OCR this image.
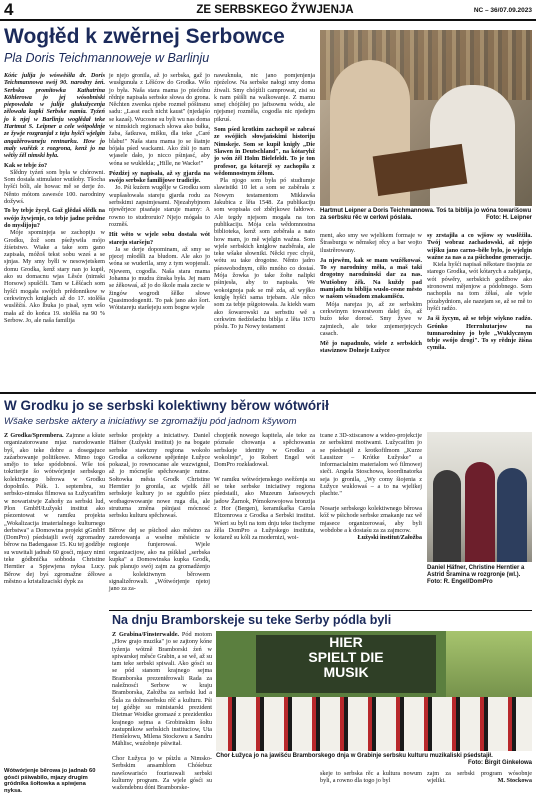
4	ZE SERBSKEGO ŽYWJENJA	NC – 36/07.09.2023
Wogłěd k zwěrnej Serbowce
Pla Doris Teichmannoweje w Barlinju

Kóńc julija jo wóswěśiła dr. Doris Teichmannowa swój 90. narodny źeń. Serbska promitowka Kathatrina Köhlerowa jo jej wósobniski piepowdała w julije glukužycenja zělowała kupki Serbske namia. Tyźeń jo k njej w Barlinju wogłědał teke Hartmut S. Leipner a cele wótpołdnje ze žywje rozgranjał z teju hyšći wjelgin angažěrowaneju rentnarku. How jo maly wuřězk z rozgrona, kenž jo na wětšy źěl nimski była.

Kak se tebje źo?

Slědny tyźeń som była w chórowni. Som dostała stimulator wutšoby. Tšocha hyšći bóli, ale howac mě se derje źo. Něnto mótom zawesće 100. narodniny dožywś.

To by tebje žycył. Gaž glědaš slědk na swójo žywjenje, co tebje jadne prědne do myslijoju?

Móje spominjeja se zachopiju w Grodku, žož som pśežywiła mójo źiśetstwo. Wiake a take som gano zapisała, móžoš tekst sobu wześ a se sjnjas. My smy byłli w nesowjetskem domu Grodka, kenž stary nan jo kupił, ako su domacnu wjas Lěsće (nimski Horsow) spušćili. Tam w Lěšćach som hyšći mogała swójich prědonnikow w cerkwinych knigłach až do 17. stolěša wuslěźiś. Ako lbuka jo pisał, sym wšo mała až do końca 19. stolěša na 90 % Serbow. Jo, ale naša familija

je njejo gronila, až jo serbska, gaž jo wusłgunuła z Lěšćow do Grodka. Wšo jo była. Naša stara mama jo piećelnu rědnje napisała serbske słowa do grona. Něchten zwenka njebe rozmeł póšinsnu sadu: „Lasst euch nicht kaust" (njedajśo se kazaś). Wucosne su byli wu nas doma w nimskich regionach słowa ako bułka, žaba, šatkuwa, mišku, dla teke „Caré blabu!" Naša stara mama jo se šiatnje bójała pśed wackami. Ako źiśi jo nam wjasele dało, jo nicco pśinjasć, aby wóna se wuklekla; „Hille, ne Wacke!"

Pózdźej sy napisała, až sy gjarda na swójo serbske familijowe tradicije.

Jo. Pśi kuźem wugělje w Grodku som wupšasłowała stareju gjarda rodu za serbskimi zapsimjesami. Njezahybjnom njewěrjece pisańaje staruje mamy: A rowno to studroruio? Njejo mógała to rozměś.

Hit wěto w wjele sobu dostała wót stareju staršeju?

Ja se derje dopominam, až smy se pjecej młodšli za bludom. Ale ako jo wóna se wuderila, smy z tym wopjerali. Njewem, cogodla. Naša stara mama Johanna jo mudra źinska była. Jej mam se źěkowaś, až jo do škole mała zecie w žingów wogrodi šělke słowe Quasimodogeniti. To pak jano ako šort. Wótstareju staršejeju som bogne wjele

nawuknuła, nic jano pomjenjenja njeźelow. Na serbske nałogi smy doma źiwali. Smy chójźili camprowat, zisi su k nam pśišli na walkowanje. Z mamu smej chójźiłej po jaftsownu wódu, ale njejsmej rozměla, cogodla nic njedejm pikruś.

Som pśed krotkim zachopił se zabraś ze swójiich słowjańskimi historiju Nimskeje. Som se kupił knigły „Die Slawen in Deutschland", na kótaryhž jo wón źěl Holm Bielefeldt. To je ton profesor, ga kótarejž sy zachopiła z wědomnostnym źěłom.

Pla njogo som była pó studiumje slawistiki 10 let a som se zaběrała z Nowym testamentom Mikławša Jakubica z lěta 1548. Za publikaciju som wopisała ceł zběrjkowe fałdowe. Ale tegdy njejsom mogała na ton publikaciju. Mója cela wědomnostna biblioteka, kenž som zeběrała a nato how mam, jo mě wjelgin waźna. Som wjele serbskich knigłow nazběrała, ale teke wšake słowniki. Něcki ryec chyśi, wótu su take drogotne. Něnto jadro pśeswobodnym, cěło mnóho co dostaś. Mója žowka jo take žołte nalipki pśinjesła, aby to napisała. We wokoignoja pak se mě zda, až wyjłko kniglę hyšći sama trjebam. Ale něco som za tebje pśigotowała. Ja kiekh wam ako šowarowski za serbstiu wě s cerkwim ńedźelachu biblja z lěta 1670 póslu. To ju Nowy testament

Hartmut Leipner a Doris Teichmannowa. Toś ta biblija jo wóna towarišowu za serbsku rěc w cerkwi póslała.	Foto: H. Leipner

ment, ako smy we wjelikem formaje w Štrasburgu w němskej rěcy a bar wojto ilustrěrowany.

Ja njewěm, kak se mam wuźěkowaś. To sy narodniny měła, a maš taki drogotny narodninski dar za nas. Wutšobny źěk. Na kuždy pad mamjadu tu biblija wuslo-cesne město w našom wšuadom znakamišću.

Mója narejza jo, až ze serbskim cerkwinym towarstwom dalej źo, až buźo teke dorosć. Smy žywe w zajmiech, ale teke znjemerjejcych casach.

Mě jo napadnuło, wiele z serbskich stawiznow Dolnejе Łužyce

sy zrstajiła a co wjšow sy wuslěźiła. Twój wobraz zachadowski, až njejo wijšku jano carno–běłe bylo, jo wjelgin waźne za nas a za pśichodne generacije.

Kiela hyšći napisaš někotare tisojnia ze starego Grodka, wót kótarych a zabijanja, wót pówěry, serbskich godźbow ako stronowmi mějenjow a pódobnego. Som nachopiła na tom źěłaś, ale wjele pózabydniom, ale nazejam se, až se mě to hyšći radźo.

Ja ši žycym, až se tebje wiykno radźo. Grónko Herrnhutarjow na tumnarodniny jo byłe „Wuklycznym tebje swójo drogi". To sy rědnje žiśna cymila.

W Grodku jo se serbski kolektiwny běrow wótwórił
Wšake serbske aktery a iniciatiwy se zgromažiju pód jadnom kšywom

Z Grodka/Sprembera. Zajmne a kšute organizatorowane mjaz narodowanie byš, ako teke dobre a dosegajuce zaźarbowanje politikowe. Mimo togo smějo to teke spódobnoś. Wše toś tokriterjie šo wótwórjenje serbskego kolektiwnego běrowa w Grodku dopołnilo. Pśik. 1. septembra, su serbsko-nimska filmowa sa Łužycańfim w nowaristwje Zahoňy za serbski lud, Plon GmbH/Łužyski institut ako pśezentowat w ramiku projekta „Wokalizacija imaterialnego kulturnego derbstwa" a Domowina projekt gGmbH (DomPro) pśedstajili swój zgromadny běrow na Badengasse 15. Ku tej godźbje su wuwitali jadnab 60 gosći, mjazy nimi teke gódbnička sobboda Christine Herntier a Spjewjena nyksa Lucy. Běrow dej byś zgromažne źěłowe městno a kristalizaciski dypk za

serbske projekty a iniciatiwy. Daniel Häfner (Łužyski institut) jo na bogate serbske stawizny regiona wokoło Grodka a cełkowne spějeńnje Łužyce pokazał, jo rownocanse ale wuzwignuł, až jo mócnejše spěchowanje nutne. Sołtowka města Grodk Christine Herntier jo gronila, az wjelik źěl serbskeje kultury jo se zgubilo pśez wotbagowowanje nowe ruga dla, ale struturna změna pśinjasi mócnosć serbsku kulturu spěchowaś.

Běrow dej se pśichod ako městno za zaredowanja a wsełne měsiście w regionje funjerowaś. Wjele organizacijow, ako na pśikład „serbska kupka" a Domowinska kupka Grodk, pak planujo swój zajm za gromadźenjo a kolektiwnym běrowem signalizěrowali. „Wótwórjenje njetoj jano za za-
chopjeńk nowego kapitela, ale teke za póznaše chowanja a spěchowania serbskeje identity w Grodku a wokolinje", jo Robert Engel wót DomPro rozkładował.

W ramiku wótwórjenskego swěźenja su se teke serbske iniciatiwy regiona pśedstaili, ako Muzeum Jańsowych jadow Žarnok, Pómokowojowa bronzija z Hor (Bergen), keramikaŕka Carola Eltzenrowa z Grodka a Serbski institut. Wśeri su byli na tom dnju teke tischyme źěla DomPro a Łužyskego instituta, kotarež su kóli za modernizi, woi-

tcane z 3D-xtiscanow a wideo-projekcije ze serbskimi motiwami. Lužycaifim jo se pśedstajił z krotkofilmom „Kurze Lausitzer – Krótke Łužyske" a informacialnim materialom wó filmowej sieči. Angela Stoschowa, koordinatorka sejа jo gronila, „Wy comy šiojenia z Łužyce wuklowaś – a to na wjelikej płachte."

Nosarje serbskego kolektiwnego běrowa kóž w pśichode serbske zmakanje raz wě mjasece organizerowaś, aby byli wobdobe a k dostaśu za za zajmcow.

Łužyski institut/Załožba

Daniel Häfner, Christine Herntier a Astrid Šramina w rozgronje (wl.). Foto: R. Engel/DomPro
Na dnju Bramborskeje su teke Serby pódla byli

Z Grabina/Finsterwalde. Pód motom „How grajo muzika" jo se zajtony kóne tyźenja wótmě Bramborski źeń w spiwarskej měsće Grabin, a se wě, až su tam teke serbski spiwali. Ako gósći su se pód stanom krajnego sejma Bramborska prezentěrowali Rada za naležnosći Serbow w kraju Bramborska, Załožba za serbski lud a Šula za dolnoserbsku rěč a kulturu. Pśi tej góźbje su ministarski prezident Dietmar Woidke gromazé z prezidentku krajnego sejma a Grobinskim šołtu zastupnikow serbskich instituciow, Uta Henšelowu, Milena Stockowu a Sandru Mählisc, wuźobnje pśiwitał.

Chor Łužyca jo w pśizlu a Nimsko-Serbskim ansamblom Chóśebuz nawšowarisćo fourisuwali serbski kulturny program. Za wjele gósći su wažendebnu dóni Bramborske-

HIER
SPIELT DIE
MUSIK
Chor Łužyca jo na jawišću Bramborskego dnja w Grabinje serbsku kulturu muzikaliski pśedstajił.
Foto: Birgit Ginkelowa
skeje to serbska rěc a kultura nowum byli, a rowno dla togo jo byl
zajm za serbski program wósobnje wjeliki.	M. Stockowa
Wótwórjenje běrowa jo jadnab 60 gósći pśiwabilo, mjazy drugim gródnika šołtowka a spiwjena nyksa.
